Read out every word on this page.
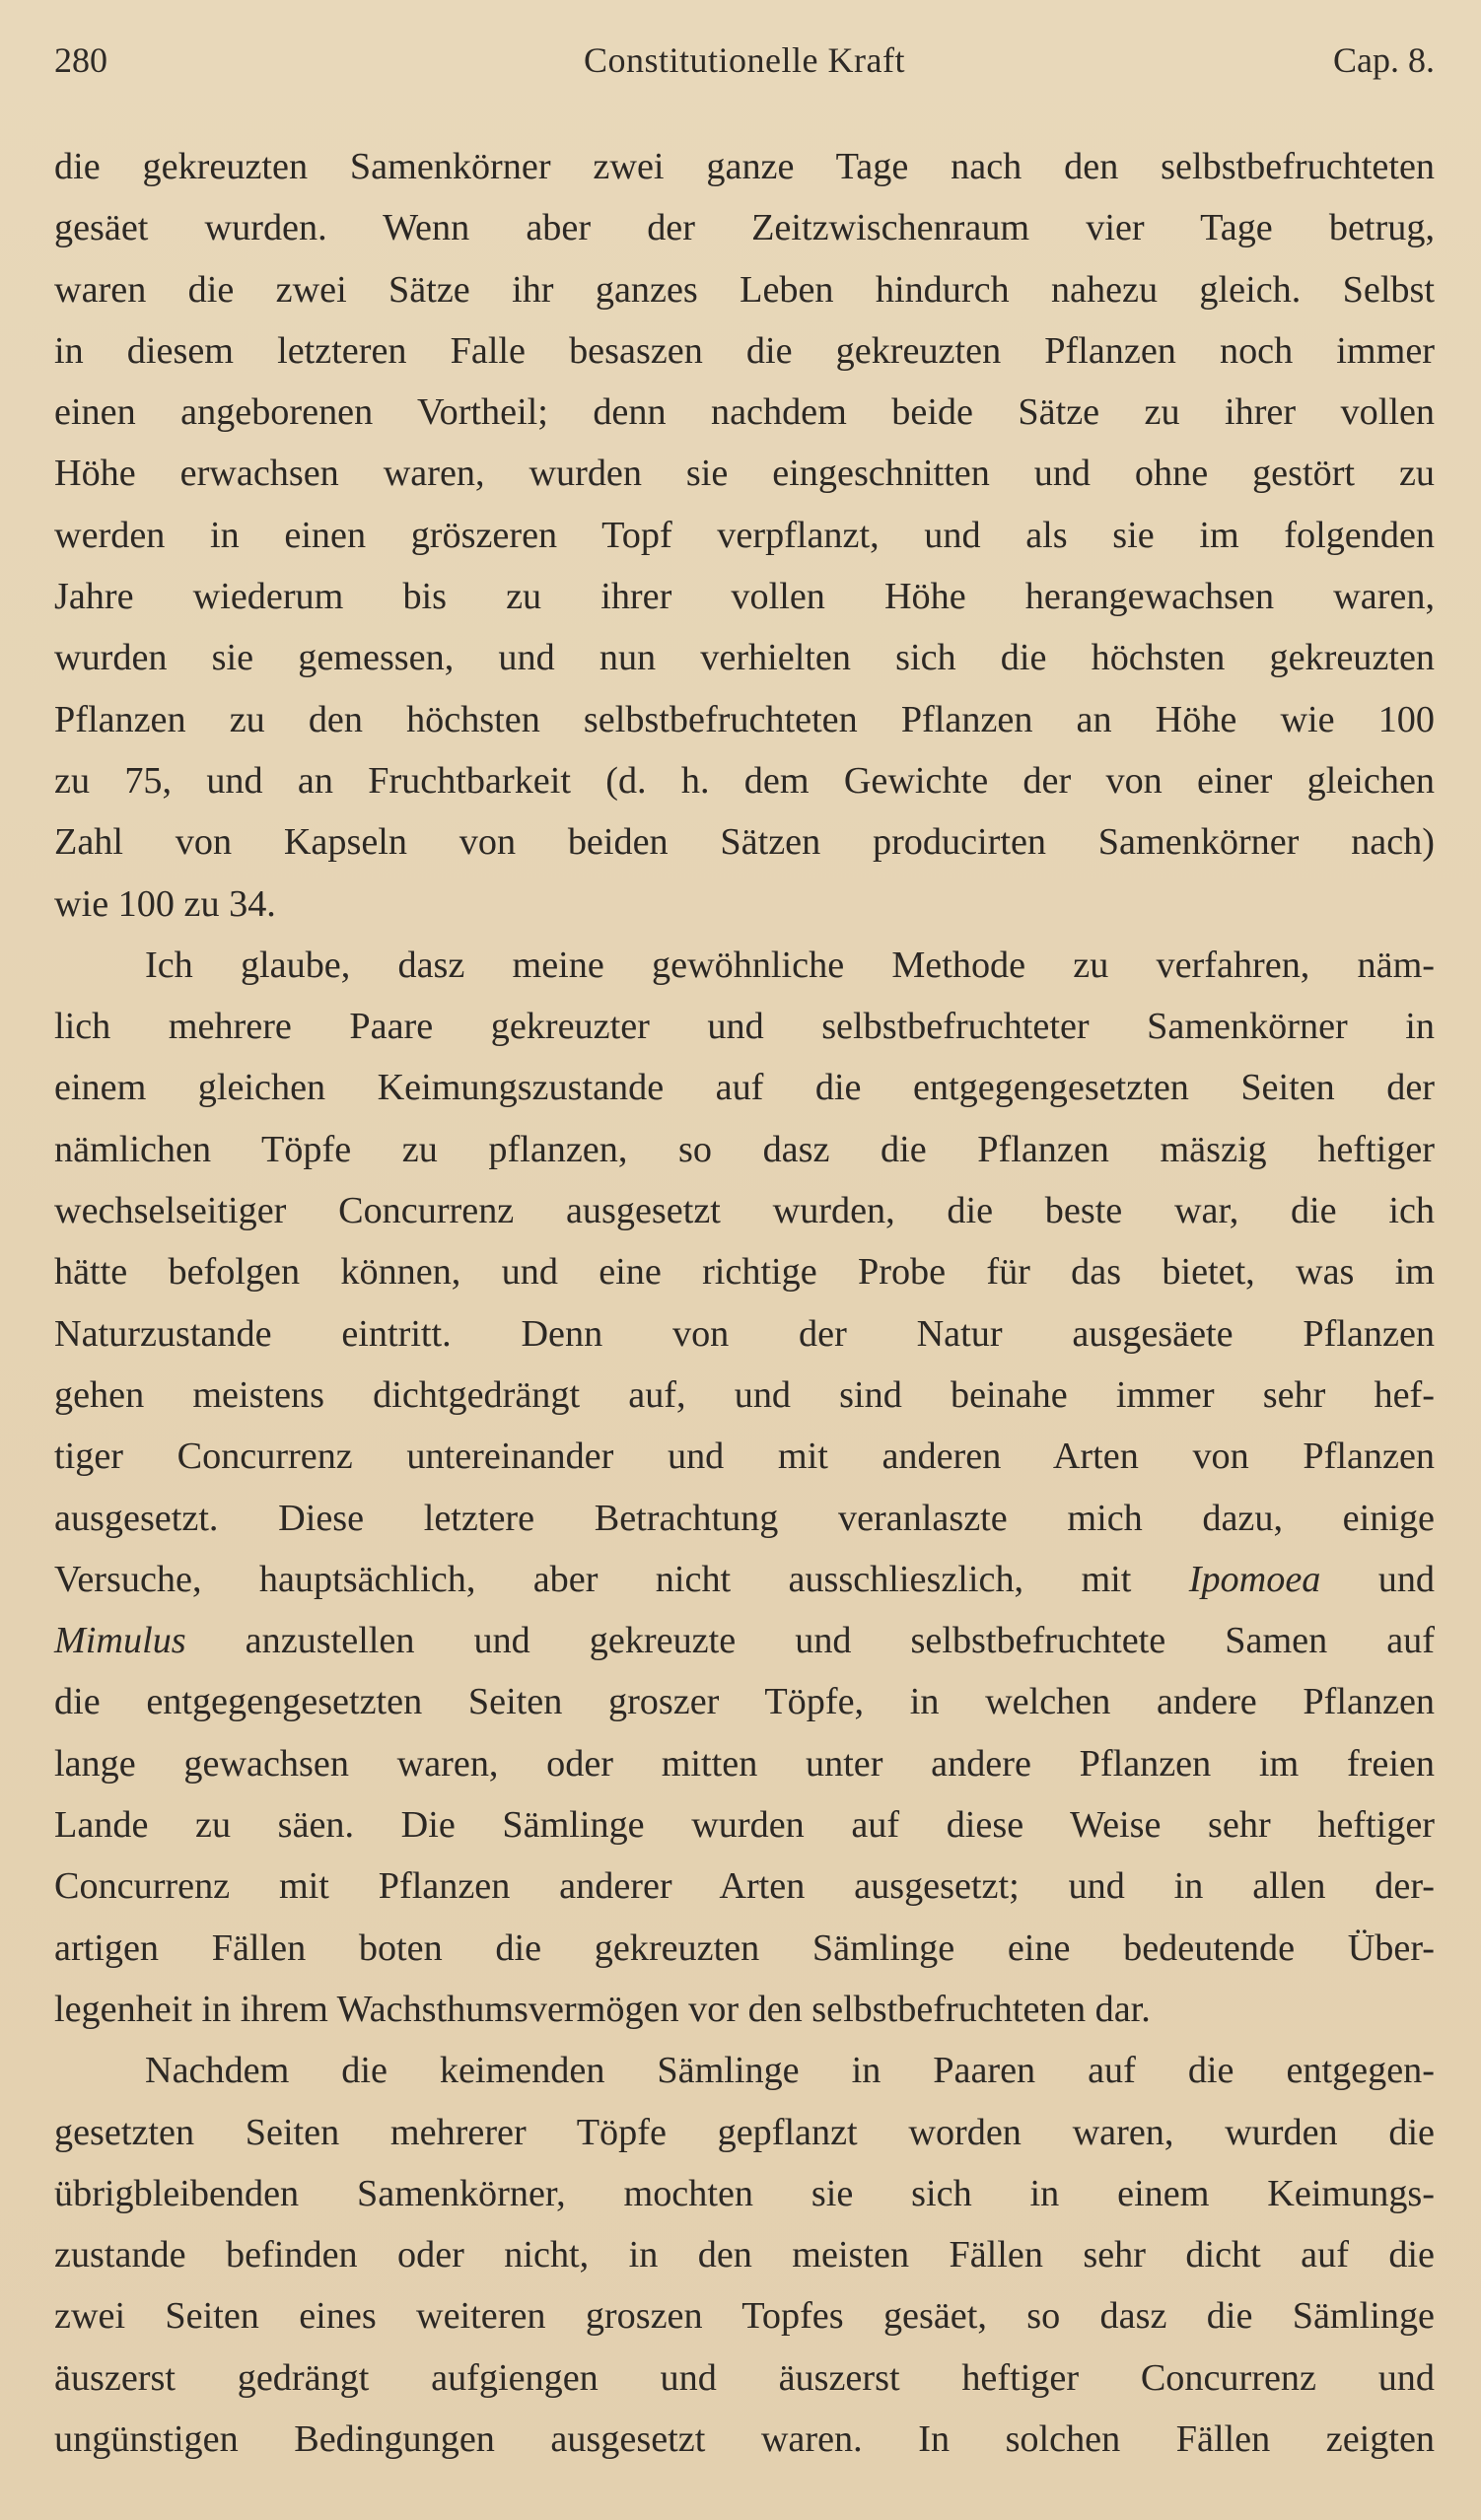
280	Constitutionelle Kraft	Cap. 8.
die gekreuzten Samenkörner zwei ganze Tage nach den selbstbefruchteten
gesäet wurden. Wenn aber der Zeitzwischenraum vier Tage betrug,
waren die zwei Sätze ihr ganzes Leben hindurch nahezu gleich. Selbst
in diesem letzteren Falle besaszen die gekreuzten Pflanzen noch immer
einen angeborenen Vortheil; denn nachdem beide Sätze zu ihrer vollen
Höhe erwachsen waren, wurden sie eingeschnitten und ohne gestört zu
werden in einen gröszeren Topf verpflanzt, und als sie im folgenden
Jahre wiederum bis zu ihrer vollen Höhe herangewachsen waren,
wurden sie gemessen, und nun verhielten sich die höchsten gekreuzten
Pflanzen zu den höchsten selbstbefruchteten Pflanzen an Höhe wie 100
zu 75, und an Fruchtbarkeit (d. h. dem Gewichte der von einer gleichen
Zahl von Kapseln von beiden Sätzen producirten Samenkörner nach)
wie 100 zu 34.
Ich glaube, dasz meine gewöhnliche Methode zu verfahren, näm-
lich mehrere Paare gekreuzter und selbstbefruchteter Samenkörner in
einem gleichen Keimungszustande auf die entgegengesetzten Seiten der
nämlichen Töpfe zu pflanzen, so dasz die Pflanzen mäszig heftiger
wechselseitiger Concurrenz ausgesetzt wurden, die beste war, die ich
hätte befolgen können, und eine richtige Probe für das bietet, was im
Naturzustande eintritt. Denn von der Natur ausgesäete Pflanzen
gehen meistens dichtgedrängt auf, und sind beinahe immer sehr hef-
tiger Concurrenz untereinander und mit anderen Arten von Pflanzen
ausgesetzt. Diese letztere Betrachtung veranlaszte mich dazu, einige
Versuche, hauptsächlich, aber nicht ausschlieszlich, mit Ipomoea und
Mimulus anzustellen und gekreuzte und selbstbefruchtete Samen auf
die entgegengesetzten Seiten groszer Töpfe, in welchen andere Pflanzen
lange gewachsen waren, oder mitten unter andere Pflanzen im freien
Lande zu säen. Die Sämlinge wurden auf diese Weise sehr heftiger
Concurrenz mit Pflanzen anderer Arten ausgesetzt; und in allen der-
artigen Fällen boten die gekreuzten Sämlinge eine bedeutende Über-
legenheit in ihrem Wachsthumsvermögen vor den selbstbefruchteten dar.
Nachdem die keimenden Sämlinge in Paaren auf die entgegen-
gesetzten Seiten mehrerer Töpfe gepflanzt worden waren, wurden die
übrigbleibenden Samenkörner, mochten sie sich in einem Keimungs-
zustande befinden oder nicht, in den meisten Fällen sehr dicht auf die
zwei Seiten eines weiteren groszen Topfes gesäet, so dasz die Sämlinge
äuszerst gedrängt aufgiengen und äuszerst heftiger Concurrenz und
ungünstigen Bedingungen ausgesetzt waren. In solchen Fällen zeigten
